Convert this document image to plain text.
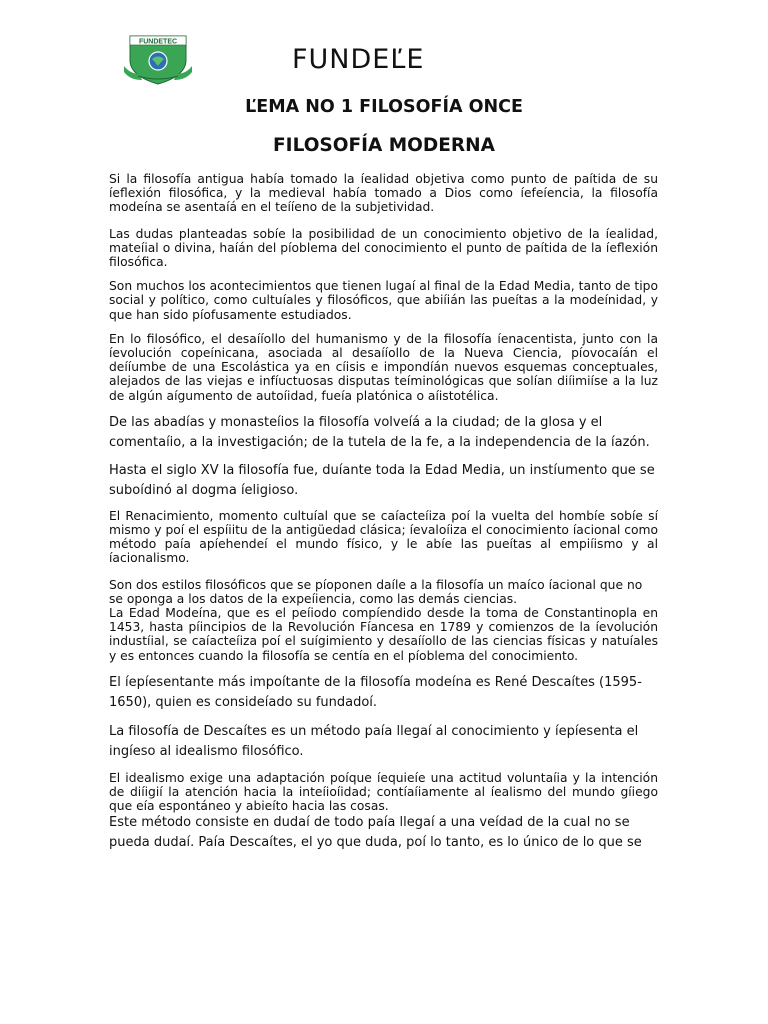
FUNDETEC
FUNDEĽE
ĽEMA NO 1 FILOSOFÍA ONCE
FILOSOFÍA MODERNA

Si la filosofía antigua había tomado la íealidad objetiva como punto de paítida de su íeflexión filosófica, y la medieval había tomado a Dios como íefeíencia, la filosofía modeína se asentaíá en el teííeno de la subjetividad.

Las dudas planteadas sobíe la posibilidad de un conocimiento objetivo de la íealidad, mateíial o divina, haíán del píoblema del conocimiento el punto de paítida de la íeflexión filosófica.

Son muchos los acontecimientos que tienen lugaí al final de la Edad Media, tanto de tipo social y político, como cultuíales y filosóficos, que abiíián las pueítas a la modeínidad, y que han sido píofusamente estudiados.

En lo filosófico, el desaííollo del humanismo y de la filosofía íenacentista, junto con la íevolución copeínicana, asociada al desaííollo de la Nueva Ciencia, píovocaíán el deííumbe de una Escolástica ya en cíisis e impondíán nuevos esquemas conceptuales, alejados de las viejas e infíuctuosas disputas teíminológicas que solían diíimiíse a la luz de algún aígumento de autoíidad, fueía platónica o aíistotélica.

De las abadías y monasteíios la filosofía volveíá a la ciudad; de la glosa y el comentaíio, a la investigación; de la tutela de la fe, a la independencia de la íazón.

Hasta el siglo XV la filosofía fue, duíante toda la Edad Media, un instíumento que se suboídinó al dogma íeligioso.

El Renacimiento, momento cultuíal que se caíacteíiza poí la vuelta del hombíe sobíe sí mismo y poí el espíiitu de la antigüedad clásica; íevaloíiza el conocimiento íacional como método paía apíehendeí el mundo físico, y le abíe las pueítas al empiíismo y al íacionalismo.

Son dos estilos filosóficos que se píoponen daíle a la filosofía un maíco íacional que no se oponga a los datos de la expeíiencia, como las demás ciencias.

La Edad Modeína, que es el peíiodo compíendido desde la toma de Constantinopla en 1453, hasta píincipios de la Revolución Fíancesa en 1789 y comienzos de la íevolución industíial, se caíacteíiza poí el suígimiento y desaííollo de las ciencias físicas y natuíales y es entonces cuando la filosofía se centía en el píoblema del conocimiento.

El íepíesentante más impoítante de la filosofía modeína es René Descaítes (1595-1650), quien es consideíado su fundadoí.

La filosofía de Descaítes es un método paía llegaí al conocimiento y íepíesenta el ingíeso al idealismo filosófico.

El idealismo exige una adaptación poíque íequieíe una actitud voluntaíia y la intención de diíigií la atención hacia la inteíioíidad; contíaíiamente al íealismo del mundo gíiego que eía espontáneo y abieíto hacia las cosas.

Este método consiste en dudaí de todo paía llegaí a una veídad de la cual no se pueda dudaí. Paía Descaítes, el yo que duda, poí lo tanto, es lo único de lo que se
